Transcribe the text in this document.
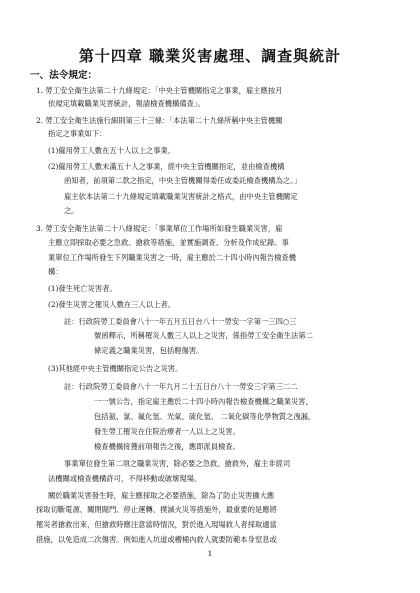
第十四章 職業災害處理、調查與統計
一、法令規定：
1. 勞工安全衛生法第二十九條規定：「中央主管機關指定之事業，雇主應按月
依規定填載職業災害統計，報請檢查機構備查」。
2. 勞工安全衛生法施行細則第三十三條：「本法第二十九條所稱中央主管機關
指定之事業如下：
(1)僱用勞工人數在五十人以上之事業。
(2)僱用勞工人數未滿五十人之事業，經中央主管機關指定，並由檢查機構
函知者，前項第二款之指定，中央主管機關得委任或委託檢查機構為之。」
雇主依本法第二十九條規定填載職業災害統計之格式，由中央主管機關定
之。
3. 勞工安全衛生法第二十八條規定：「事業單位工作場所如發生職業災害，雇
主應立即採取必要之急救、搶救等措施，並實施調查、分析及作成紀錄。事
業單位工作場所發生下列職業災害之一時，雇主應於二十四小時內報告檢查機
構：
(1)發生死亡災害者。
(2)發生災害之罹災人數在三人以上者。
註：行政院勞工委員會八十一年五月五日台八十一勞安一字第一三四○三
號函釋示，所稱罹災人數三人以上之災害，係指勞工安全衛生法第二
條定義之職業災害，包括輕傷害。
(3)其他經中央主管機關指定公告之災害。
註：行政院勞工委員會八十一年九月二十五日台八十一勞安三字第三二二
一一號公告，指定雇主應於二十四小時內報告檢查機構之職業災害，
包括氨、氯、氟化氫、光氣、硫化氫、 二氧化碳等化學物質之洩漏，
發生勞工罹災在住院治療者一人以上之災害。
檢查機構接獲前項報告之後，應即派員檢查。
事業單位發生第二項之職業災害，除必要之急救、搶救外，雇主非經司
法機關或檢查機構許可，不得移動或破壞現場。
關於職業災害發生時，雇主應採取之必要措施，除為了防止災害擴大應
採取切斷電源、關閉閥門、停止運轉、撲滅火災等措施外，最重要的是應將
罹災者搶救出來，但搶救時應注意當時情況，對於進入現場救人者採取適當
措施，以免造成二次傷害。例如進入坑道或槽桶內救人就要防範本身窒息或
1
